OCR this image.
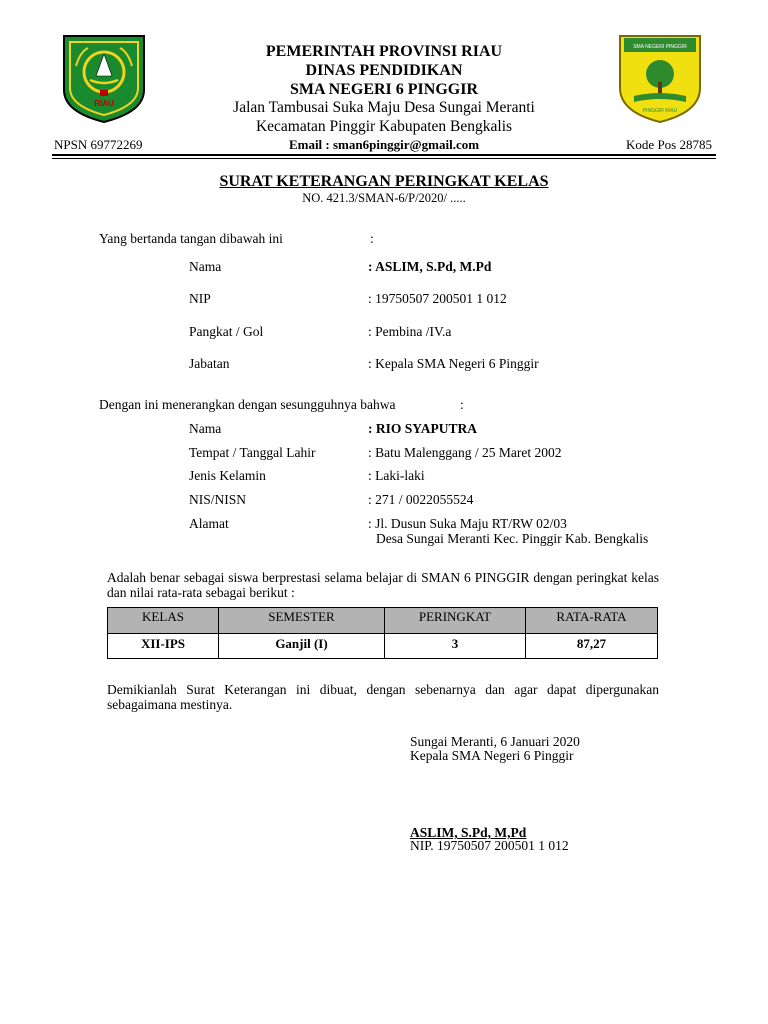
RIAU
SMA NEGERI PINGGIR
PINGGIR RIAU
PEMERINTAH PROVINSI RIAU
DINAS PENDIDIKAN
SMA NEGERI 6 PINGGIR
Jalan Tambusai Suka Maju Desa Sungai Meranti
Kecamatan Pinggir Kabupaten Bengkalis
NPSN 69772269	Email : sman6pinggir@gmail.com	Kode Pos 28785
SURAT KETERANGAN PERINGKAT KELAS
NO. 421.3/SMAN-6/P/2020/ .....
Yang bertanda tangan dibawah ini	:
Nama	: ASLIM, S.Pd, M.Pd
NIP	: 19750507 200501 1 012
Pangkat / Gol	: Pembina /IV.a
Jabatan	: Kepala SMA Negeri 6 Pinggir
Dengan ini menerangkan dengan sesungguhnya bahwa	:
Nama	: RIO SYAPUTRA
Tempat / Tanggal Lahir	: Batu Malenggang / 25 Maret 2002
Jenis Kelamin	: Laki-laki
NIS/NISN	: 271 / 0022055524
Alamat	: Jl. Dusun Suka Maju RT/RW 02/03
Desa Sungai Meranti Kec. Pinggir Kab. Bengkalis
Adalah benar sebagai siswa berprestasi selama belajar di SMAN 6 PINGGIR dengan peringkat kelas dan nilai rata-rata sebagai berikut :
KELAS	SEMESTER	PERINGKAT	RATA-RATA
XII-IPS	Ganjil (I)	3	87,27
Demikianlah Surat Keterangan ini dibuat, dengan sebenarnya dan agar dapat dipergunakan sebagaimana mestinya.
Sungai Meranti, 6 Januari 2020
Kepala SMA Negeri 6 Pinggir
ASLIM, S.Pd, M,Pd
NIP. 19750507 200501 1 012
